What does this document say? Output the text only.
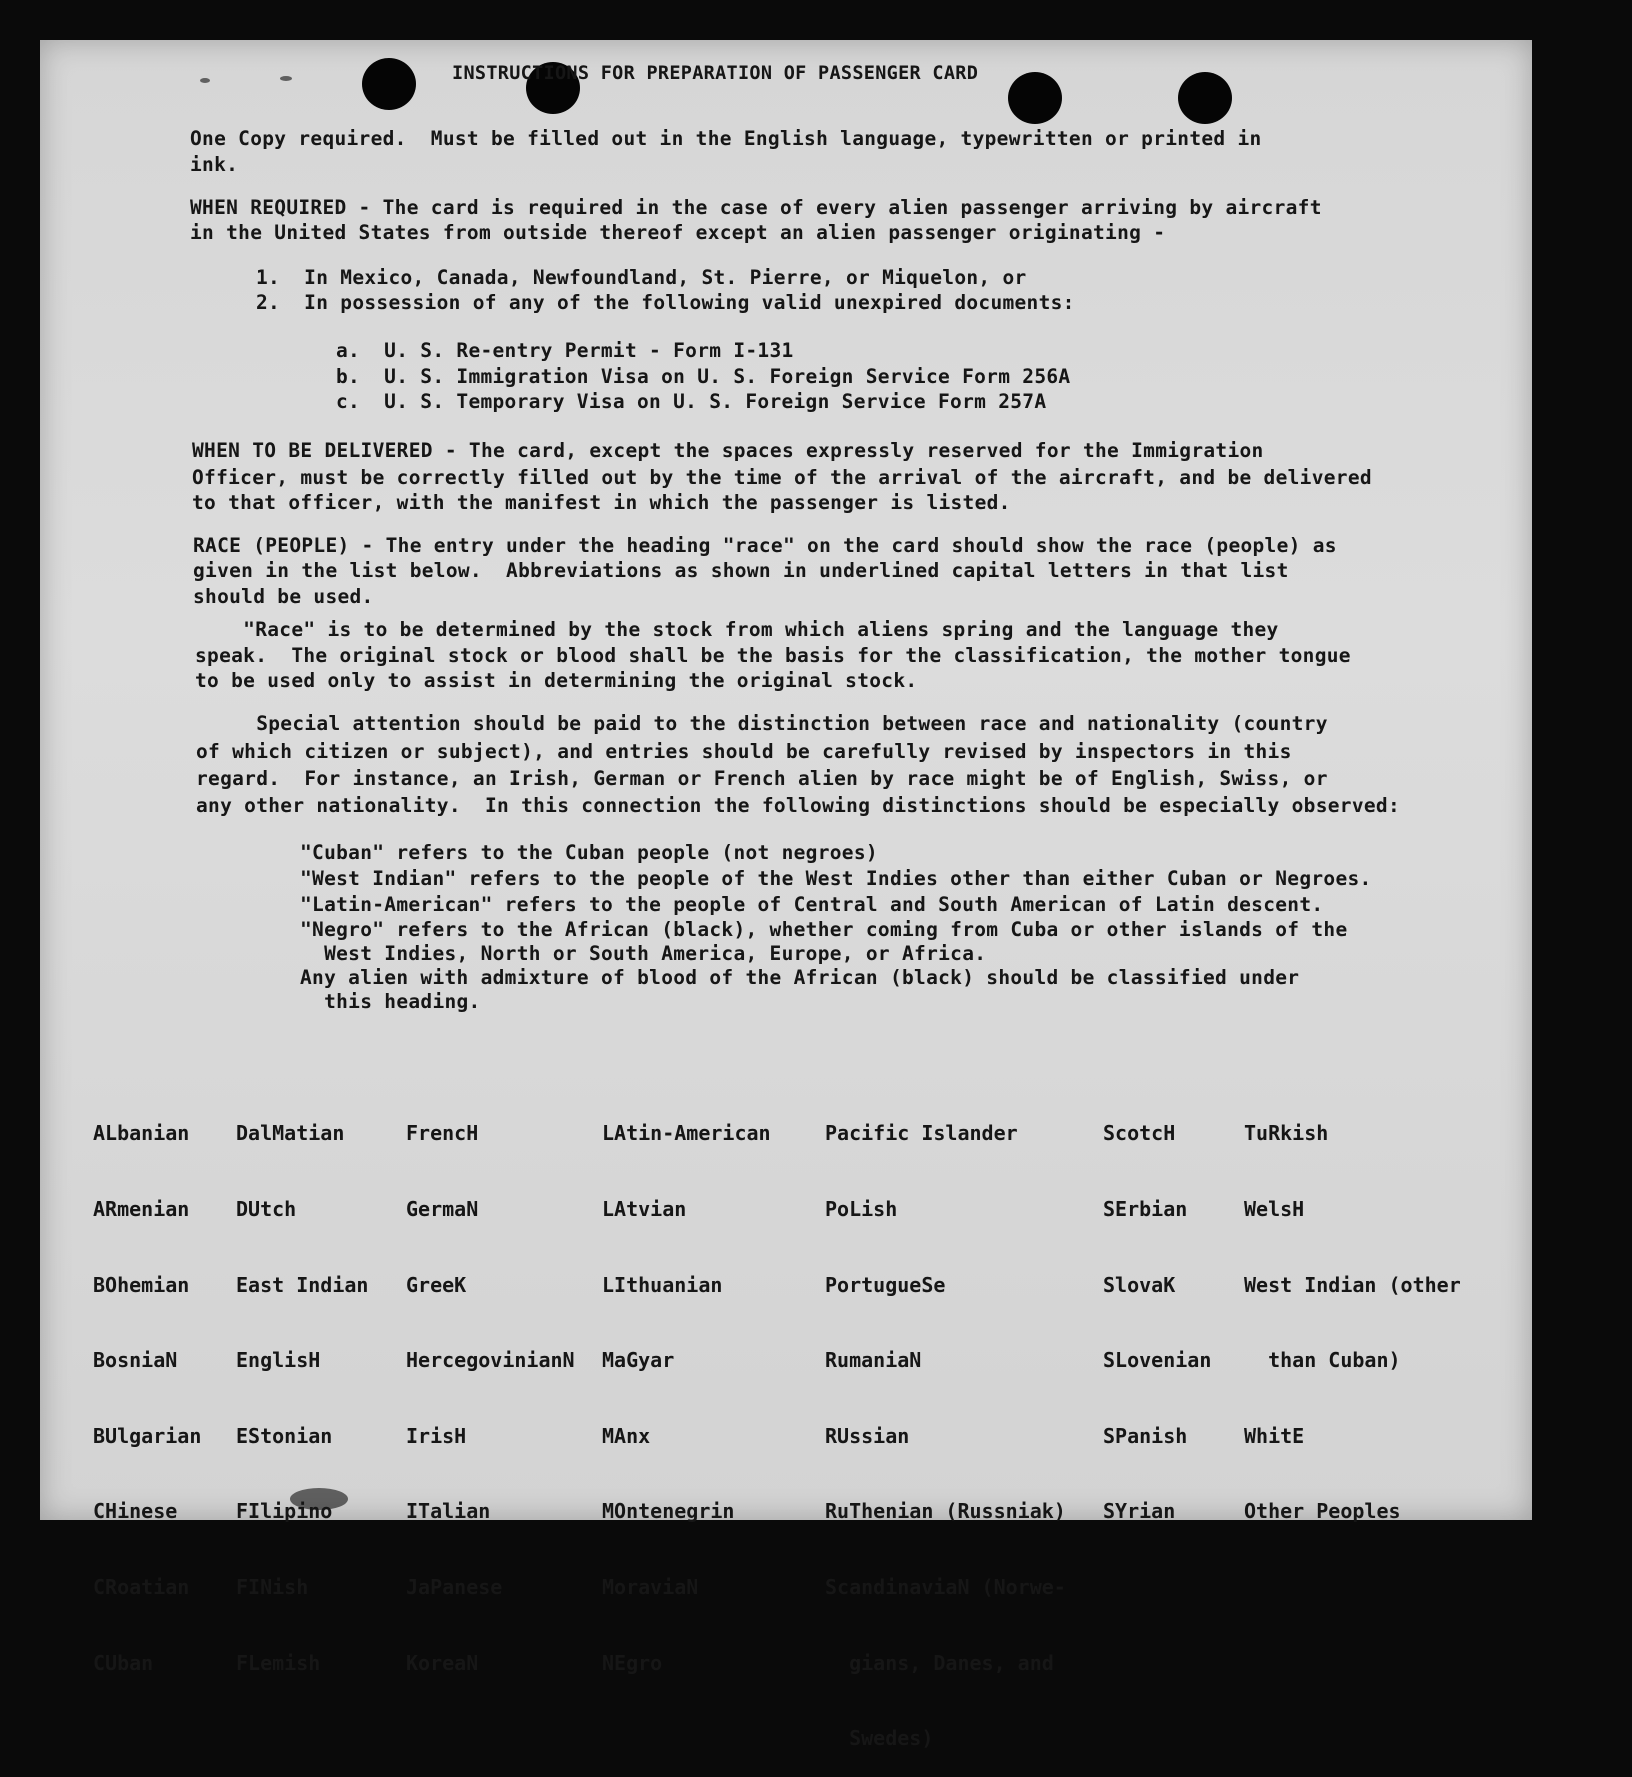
INSTRUCTIONS FOR PREPARATION OF PASSENGER CARD

One Copy required.  Must be filled out in the English language, typewritten or printed in

ink.

WHEN REQUIRED - The card is required in the case of every alien passenger arriving by aircraft

in the United States from outside thereof except an alien passenger originating -

1.  In Mexico, Canada, Newfoundland, St. Pierre, or Miquelon, or

2.  In possession of any of the following valid unexpired documents:

a.  U. S. Re-entry Permit - Form I-131

b.  U. S. Immigration Visa on U. S. Foreign Service Form 256A

c.  U. S. Temporary Visa on U. S. Foreign Service Form 257A

WHEN TO BE DELIVERED - The card, except the spaces expressly reserved for the Immigration

Officer, must be correctly filled out by the time of the arrival of the aircraft, and be delivered

to that officer, with the manifest in which the passenger is listed.

RACE (PEOPLE) - The entry under the heading "race" on the card should show the race (people) as

given in the list below.  Abbreviations as shown in underlined capital letters in that list

should be used.

"Race" is to be determined by the stock from which aliens spring and the language they

speak.  The original stock or blood shall be the basis for the classification, the mother tongue

to be used only to assist in determining the original stock.

Special attention should be paid to the distinction between race and nationality (country

of which citizen or subject), and entries should be carefully revised by inspectors in this

regard.  For instance, an Irish, German or French alien by race might be of English, Swiss, or

any other nationality.  In this connection the following distinctions should be especially observed:

"Cuban" refers to the Cuban people (not negroes)

"West Indian" refers to the people of the West Indies other than either Cuban or Negroes.

"Latin-American" refers to the people of Central and South American of Latin descent.

"Negro" refers to the African (black), whether coming from Cuba or other islands of the

West Indies, North or South America, Europe, or Africa.

Any alien with admixture of blood of the African (black) should be classified under

this heading.

ALbanian

ARmenian

BOhemian

BosniaN

BUlgarian

CHinese

CRoatian

CUban

DalMatian

DUtch

East Indian

EnglisH

EStonian

FIlipino

FINish

FLemish

FrencH

GermaN

GreeK

HercegovinianN

IrisH

ITalian

JaPanese

KoreaN

LAtin-American

LAtvian

LIthuanian

MaGyar

MAnx

MOntenegrin

MoraviaN

NEgro

Pacific Islander

PoLish

PortugueSe

RumaniaN

RUssian

RuThenian (Russniak)

ScandinaviaN (Norwe-

gians, Danes, and

Swedes)

ScotcH

SErbian

SlovaK

SLovenian

SPanish

SYrian

TuRkish

WelsH

West Indian (other

than Cuban)

WhitE

Other Peoples
